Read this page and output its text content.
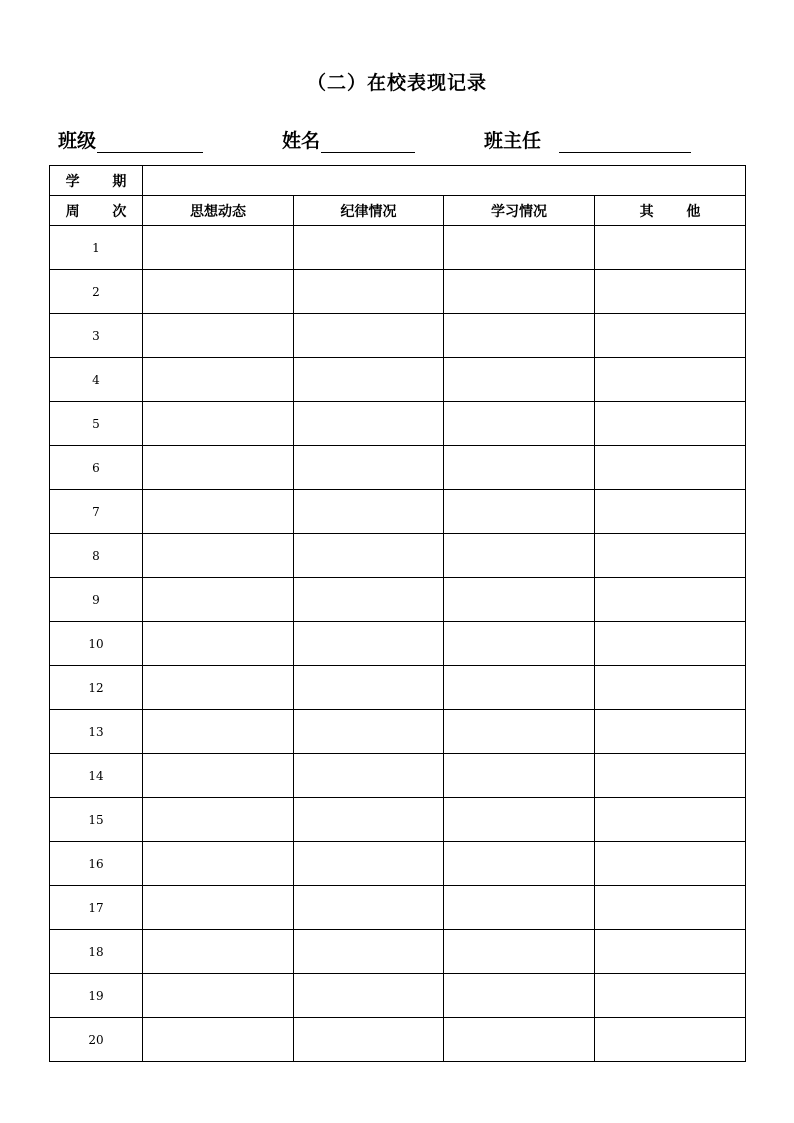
（二）在校表现记录
班级	姓名	班主任
学 期				
周 次	思想动态	纪律情况	学习情况	其 他
1				
2				
3				
4				
5				
6				
7				
8				
9				
10				
12				
13				
14				
15				
16				
17				
18				
19				
20				
